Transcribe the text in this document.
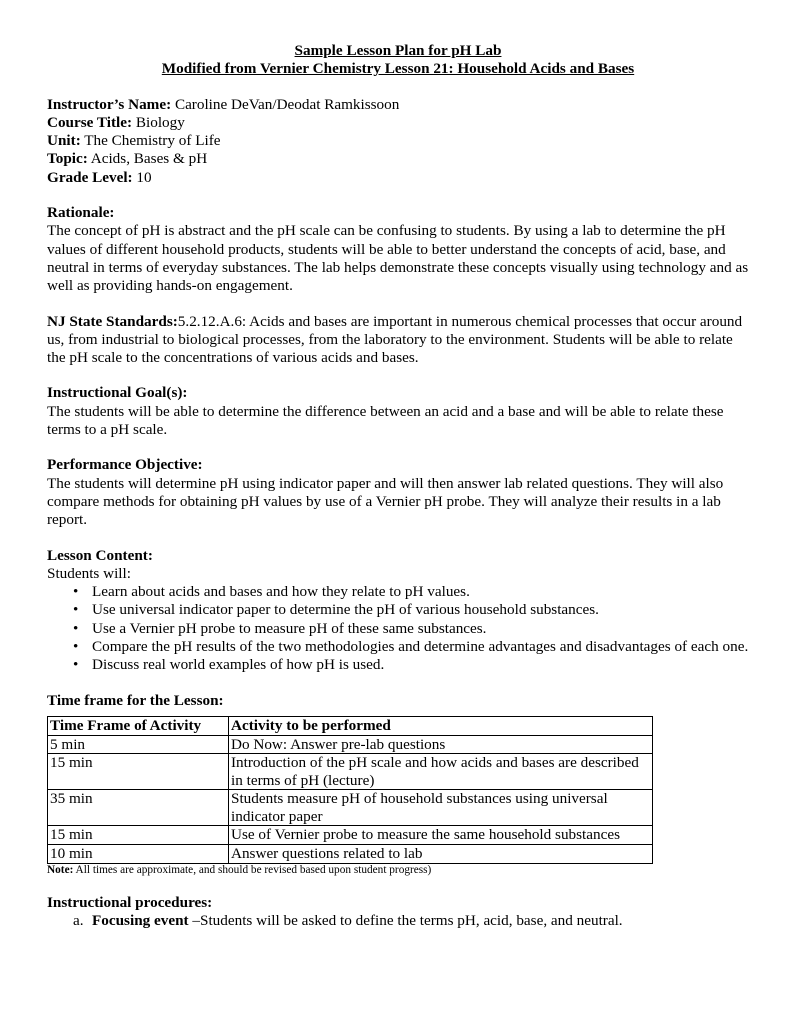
Sample Lesson Plan for pH Lab
Modified from Vernier Chemistry Lesson 21: Household Acids and Bases
Instructor’s Name: Caroline DeVan/Deodat Ramkissoon
Course Title: Biology
Unit: The Chemistry of Life
Topic: Acids, Bases & pH
Grade Level: 10
Rationale:

The concept of pH is abstract and the pH scale can be confusing to students. By using a lab to determine the pH values of different household products, students will be able to better understand the concepts of acid, base, and neutral in terms of everyday substances. The lab helps demonstrate these concepts visually using technology and as well as providing hands-on engagement.

NJ State Standards:5.2.12.A.6: Acids and bases are important in numerous chemical processes that occur around us, from industrial to biological processes, from the laboratory to the environment. Students will be able to relate the pH scale to the concentrations of various acids and bases.

Instructional Goal(s):

The students will be able to determine the difference between an acid and a base and will be able to relate these terms to a pH scale.

Performance Objective:

The students will determine pH using indicator paper and will then answer lab related questions. They will also compare methods for obtaining pH values by use of a Vernier pH probe. They will analyze their results in a lab report.

Lesson Content:
Students will:
• Learn about acids and bases and how they relate to pH values.
• Use universal indicator paper to determine the pH of various household substances.
• Use a Vernier pH probe to measure pH of these same substances.
• Compare the pH results of the two methodologies and determine advantages and disadvantages of each one.
• Discuss real world examples of how pH is used.
Time frame for the Lesson:
Time Frame of Activity	Activity to be performed
5 min	Do Now: Answer pre-lab questions
15 min	Introduction of the pH scale and how acids and bases are described in terms of pH (lecture)
35 min	Students measure pH of household substances using universal indicator paper
15 min	Use of Vernier probe to measure the same household substances
10 min	Answer questions related to lab
Note: All times are approximate, and should be revised based upon student progress)
Instructional procedures:
a. Focusing event –Students will be asked to define the terms pH, acid, base, and neutral.
